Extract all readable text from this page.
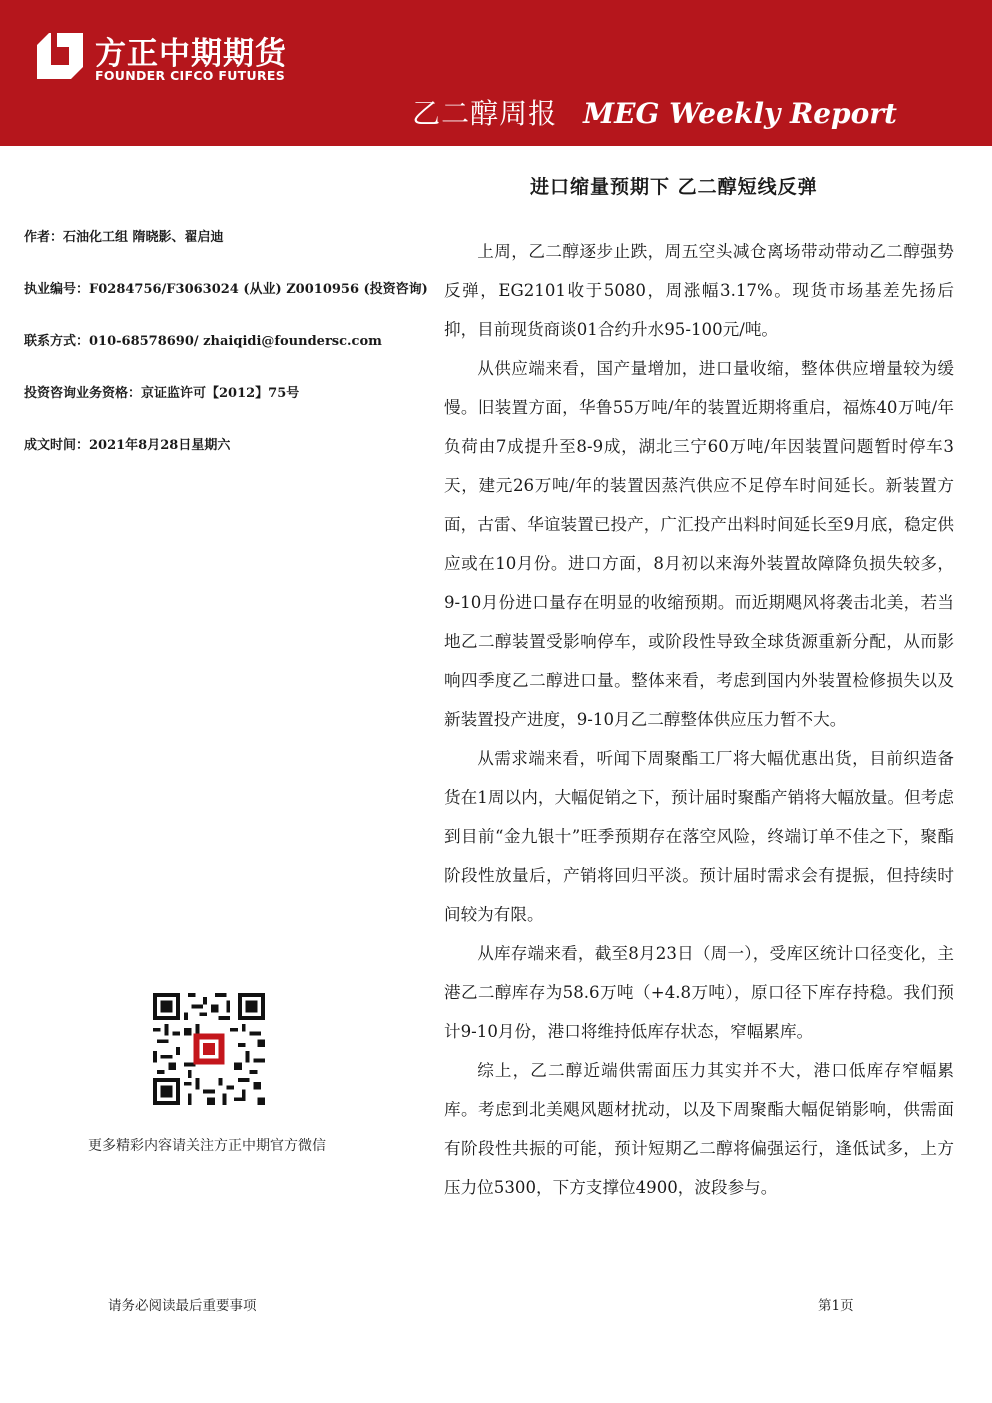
方正中期期货
FOUNDER CIFCO FUTURES
乙二醇周报 MEG Weekly Report
进口缩量预期下 乙二醇短线反弹
作者：石油化工组 隋晓影、翟启迪
执业编号：F0284756/F3063024 (从业) Z0010956 (投资咨询)
联系方式：010-68578690/ zhaiqidi@foundersc.com
投资咨询业务资格：京证监许可【2012】75号
成文时间：2021年8月28日星期六
更多精彩内容请关注方正中期官方微信

上周，乙二醇逐步止跌，周五空头减仓离场带动带动乙二醇强势反弹，EG2101收于5080，周涨幅3.17%。现货市场基差先扬后抑，目前现货商谈01合约升水95-100元/吨。

从供应端来看，国产量增加，进口量收缩，整体供应增量较为缓慢。旧装置方面，华鲁55万吨/年的装置近期将重启，福炼40万吨/年负荷由7成提升至8-9成，湖北三宁60万吨/年因装置问题暂时停车3天，建元26万吨/年的装置因蒸汽供应不足停车时间延长。新装置方面，古雷、华谊装置已投产，广汇投产出料时间延长至9月底，稳定供应或在10月份。进口方面，8月初以来海外装置故障降负损失较多，9-10月份进口量存在明显的收缩预期。而近期飓风将袭击北美，若当地乙二醇装置受影响停车，或阶段性导致全球货源重新分配，从而影响四季度乙二醇进口量。整体来看，考虑到国内外装置检修损失以及新装置投产进度，9-10月乙二醇整体供应压力暂不大。

从需求端来看，听闻下周聚酯工厂将大幅优惠出货，目前织造备货在1周以内，大幅促销之下，预计届时聚酯产销将大幅放量。但考虑到目前“金九银十”旺季预期存在落空风险，终端订单不佳之下，聚酯阶段性放量后，产销将回归平淡。预计届时需求会有提振，但持续时间较为有限。

从库存端来看，截至8月23日（周一），受库区统计口径变化，主港乙二醇库存为58.6万吨（+4.8万吨），原口径下库存持稳。我们预计9-10月份，港口将维持低库存状态，窄幅累库。

综上，乙二醇近端供需面压力其实并不大，港口低库存窄幅累库。考虑到北美飓风题材扰动，以及下周聚酯大幅促销影响，供需面有阶段性共振的可能，预计短期乙二醇将偏强运行，逢低试多，上方压力位5300，下方支撑位4900，波段参与。

请务必阅读最后重要事项	第1页
